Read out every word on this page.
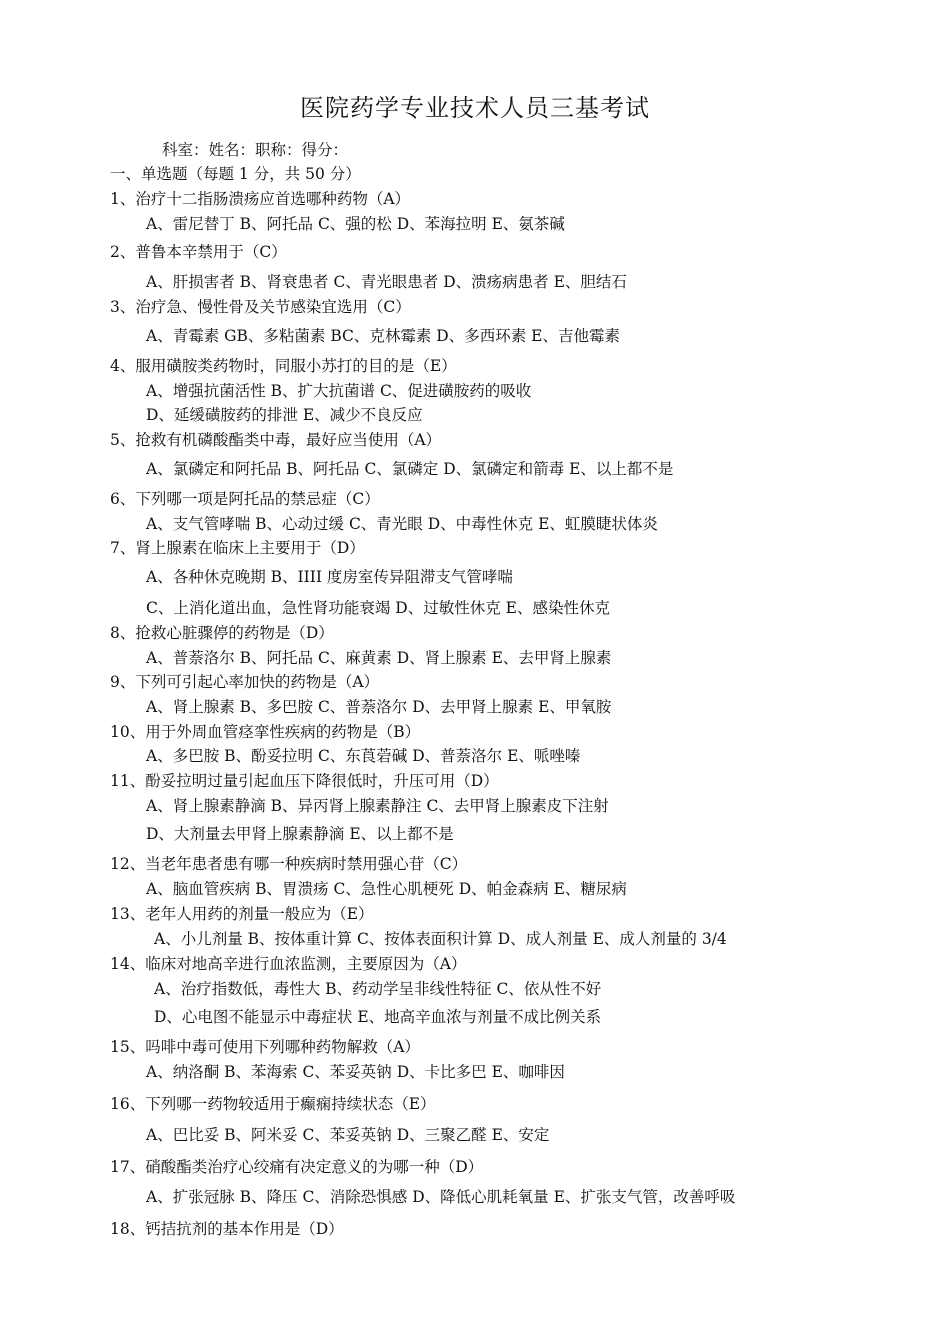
医院药学专业技术人员三基考试
科室：姓名：职称：得分：
一、单选题（每题 1 分，共 50 分）
1、治疗十二指肠溃疡应首选哪种药物（A）
A、雷尼替丁 B、阿托品 C、强的松 D、苯海拉明 E、氨茶碱
2、普鲁本辛禁用于（C）
A、肝损害者 B、肾衰患者 C、青光眼患者 D、溃疡病患者 E、胆结石
3、治疗急、慢性骨及关节感染宜选用（C）
A、青霉素 GB、多粘菌素 BC、克林霉素 D、多西环素 E、吉他霉素
4、服用磺胺类药物时，同服小苏打的目的是（E）
A、增强抗菌活性 B、扩大抗菌谱 C、促进磺胺药的吸收
D、延缓磺胺药的排泄 E、减少不良反应
5、抢救有机磷酸酯类中毒，最好应当使用（A）
A、氯磷定和阿托品 B、阿托品 C、氯磷定 D、氯磷定和箭毒 E、以上都不是
6、下列哪一项是阿托品的禁忌症（C）
A、支气管哮喘 B、心动过缓 C、青光眼 D、中毒性休克 E、虹膜睫状体炎
7、肾上腺素在临床上主要用于（D）
A、各种休克晚期 B、IIII 度房室传异阻滞支气管哮喘
C、上消化道出血，急性肾功能衰竭 D、过敏性休克 E、感染性休克
8、抢救心脏骤停的药物是（D）
A、普萘洛尔 B、阿托品 C、麻黄素 D、肾上腺素 E、去甲肾上腺素
9、下列可引起心率加快的药物是（A）
A、肾上腺素 B、多巴胺 C、普萘洛尔 D、去甲肾上腺素 E、甲氧胺
10、用于外周血管痉挛性疾病的药物是（B）
A、多巴胺 B、酚妥拉明 C、东莨菪碱 D、普萘洛尔 E、哌唑嗪
11、酚妥拉明过量引起血压下降很低时，升压可用（D）
A、肾上腺素静滴 B、异丙肾上腺素静注 C、去甲肾上腺素皮下注射
D、大剂量去甲肾上腺素静滴 E、以上都不是
12、当老年患者患有哪一种疾病时禁用强心苷（C）
A、脑血管疾病 B、胃溃疡 C、急性心肌梗死 D、帕金森病 E、糖尿病
13、老年人用药的剂量一般应为（E）
A、小儿剂量 B、按体重计算 C、按体表面积计算 D、成人剂量 E、成人剂量的 3/4
14、临床对地高辛进行血浓监测，主要原因为（A）
A、治疗指数低，毒性大 B、药动学呈非线性特征 C、依从性不好
D、心电图不能显示中毒症状 E、地高辛血浓与剂量不成比例关系
15、吗啡中毒可使用下列哪种药物解救（A）
A、纳洛酮 B、苯海索 C、苯妥英钠 D、卡比多巴 E、咖啡因
16、下列哪一药物较适用于癫痫持续状态（E）
A、巴比妥 B、阿米妥 C、苯妥英钠 D、三聚乙醛 E、安定
17、硝酸酯类治疗心绞痛有决定意义的为哪一种（D）
A、扩张冠脉 B、降压 C、消除恐惧感 D、降低心肌耗氧量 E、扩张支气管，改善呼吸
18、钙拮抗剂的基本作用是（D）
